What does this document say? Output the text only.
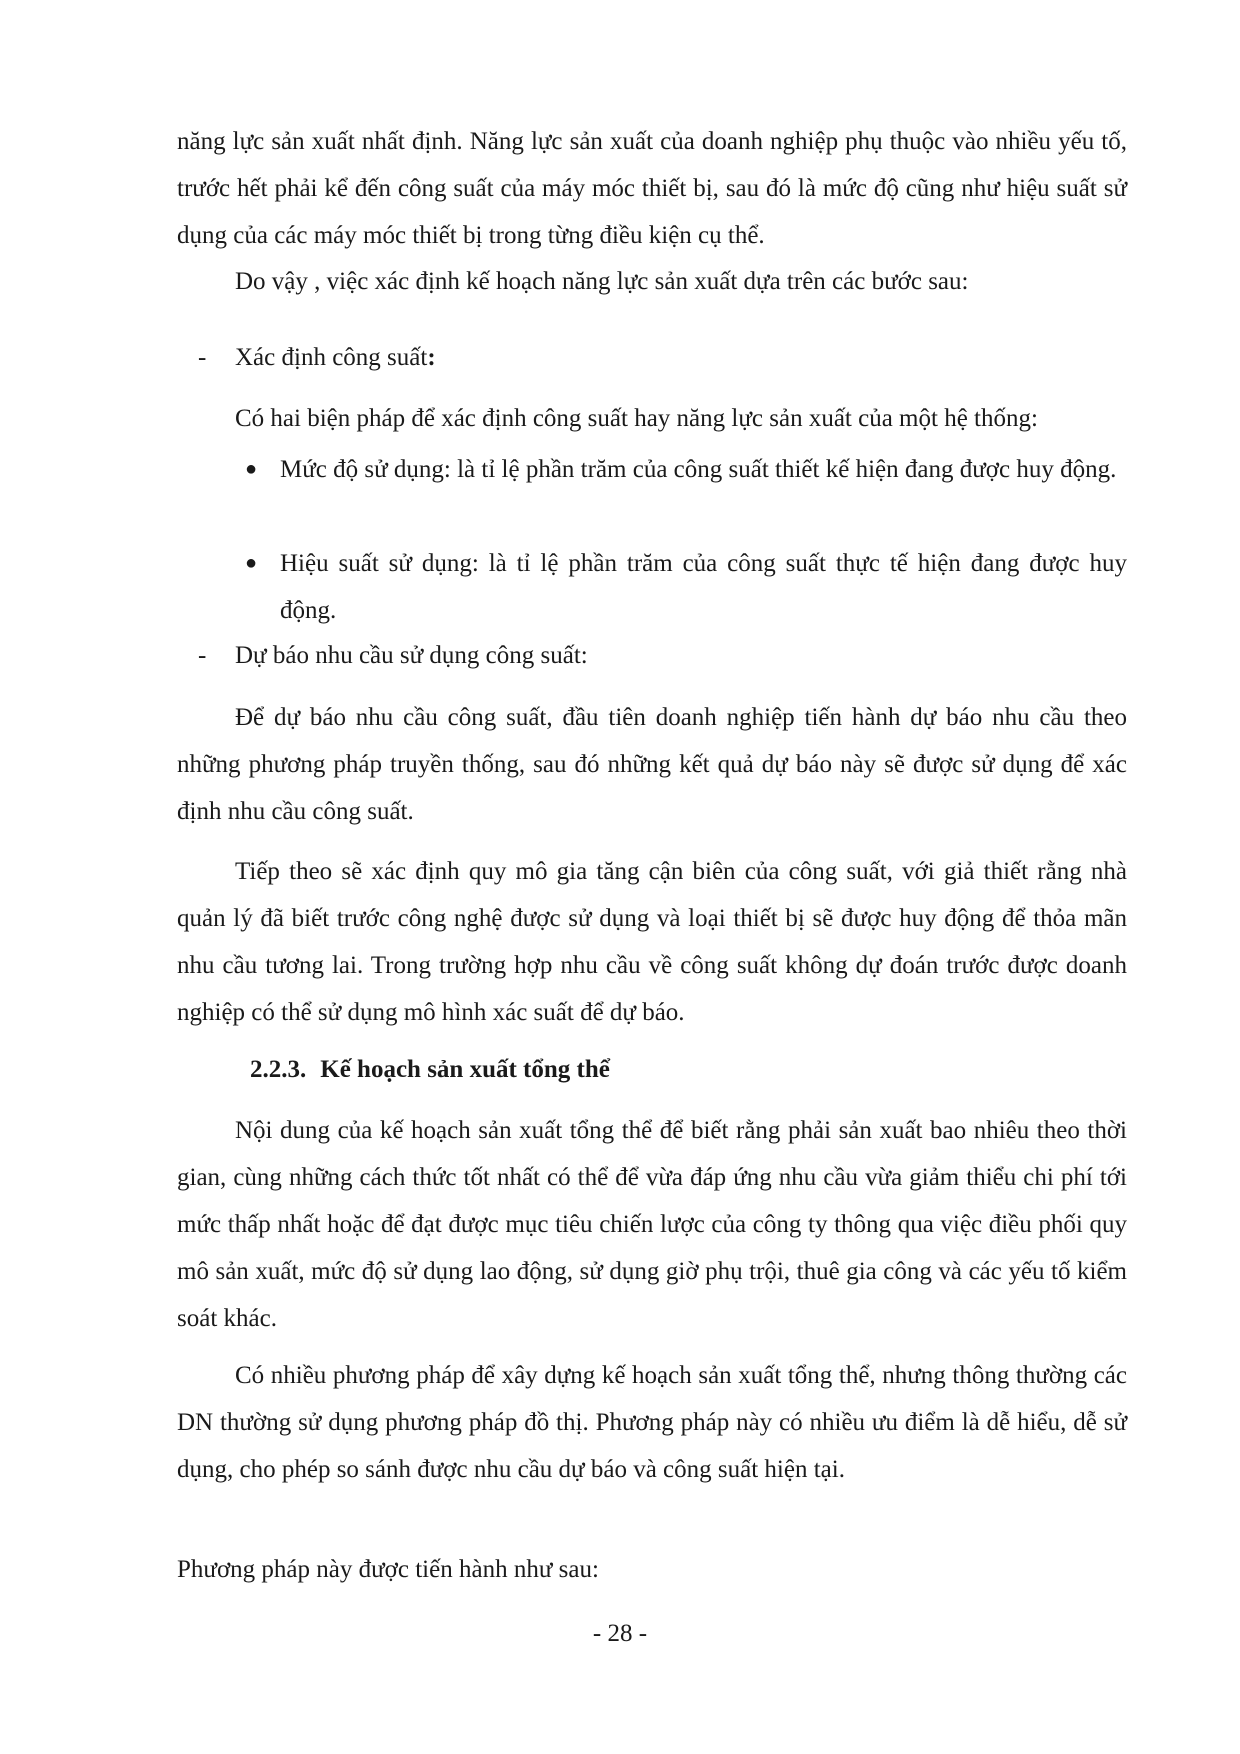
năng lực sản xuất nhất định. Năng lực sản xuất của doanh nghiệp phụ thuộc vào nhiều yếu tố, trước hết phải kể đến công suất của máy móc thiết bị, sau đó là mức độ cũng như hiệu suất sử dụng của các máy móc thiết bị trong từng điều kiện cụ thể.

Do vậy , việc xác định kế hoạch năng lực sản xuất dựa trên các bước sau:

- Xác định công suất:

Có hai biện pháp để xác định công suất hay năng lực sản xuất của một hệ thống:

● Mức độ sử dụng: là tỉ lệ phần trăm của công suất thiết kế hiện đang được huy động.
● Hiệu suất sử dụng: là tỉ lệ phần trăm của công suất thực tế hiện đang được huy động.
- Dự báo nhu cầu sử dụng công suất:

Để dự báo nhu cầu công suất, đầu tiên doanh nghiệp tiến hành dự báo nhu cầu theo những phương pháp truyền thống, sau đó những kết quả dự báo này sẽ được sử dụng để xác định nhu cầu công suất.

Tiếp theo sẽ xác định quy mô gia tăng cận biên của công suất, với giả thiết rằng nhà quản lý đã biết trước công nghệ được sử dụng và loại thiết bị sẽ được huy động để thỏa mãn nhu cầu tương lai. Trong trường hợp nhu cầu về công suất không dự đoán trước được doanh nghiệp có thể sử dụng mô hình xác suất để dự báo.

2.2.3. Kế hoạch sản xuất tổng thể

Nội dung của kế hoạch sản xuất tổng thể để biết rằng phải sản xuất bao nhiêu theo thời gian, cùng những cách thức tốt nhất có thể để vừa đáp ứng nhu cầu vừa giảm thiểu chi phí tới mức thấp nhất hoặc để đạt được mục tiêu chiến lược của công ty thông qua việc điều phối quy mô sản xuất, mức độ sử dụng lao động, sử dụng giờ phụ trội, thuê gia công và các yếu tố kiểm soát khác.

Có nhiều phương pháp để xây dựng kế hoạch sản xuất tổng thể, nhưng thông thường các DN thường sử dụng phương pháp đồ thị. Phương pháp này có nhiều ưu điểm là dễ hiểu, dễ sử dụng, cho phép so sánh được nhu cầu dự báo và công suất hiện tại.

Phương pháp này được tiến hành như sau:

- 28 -
